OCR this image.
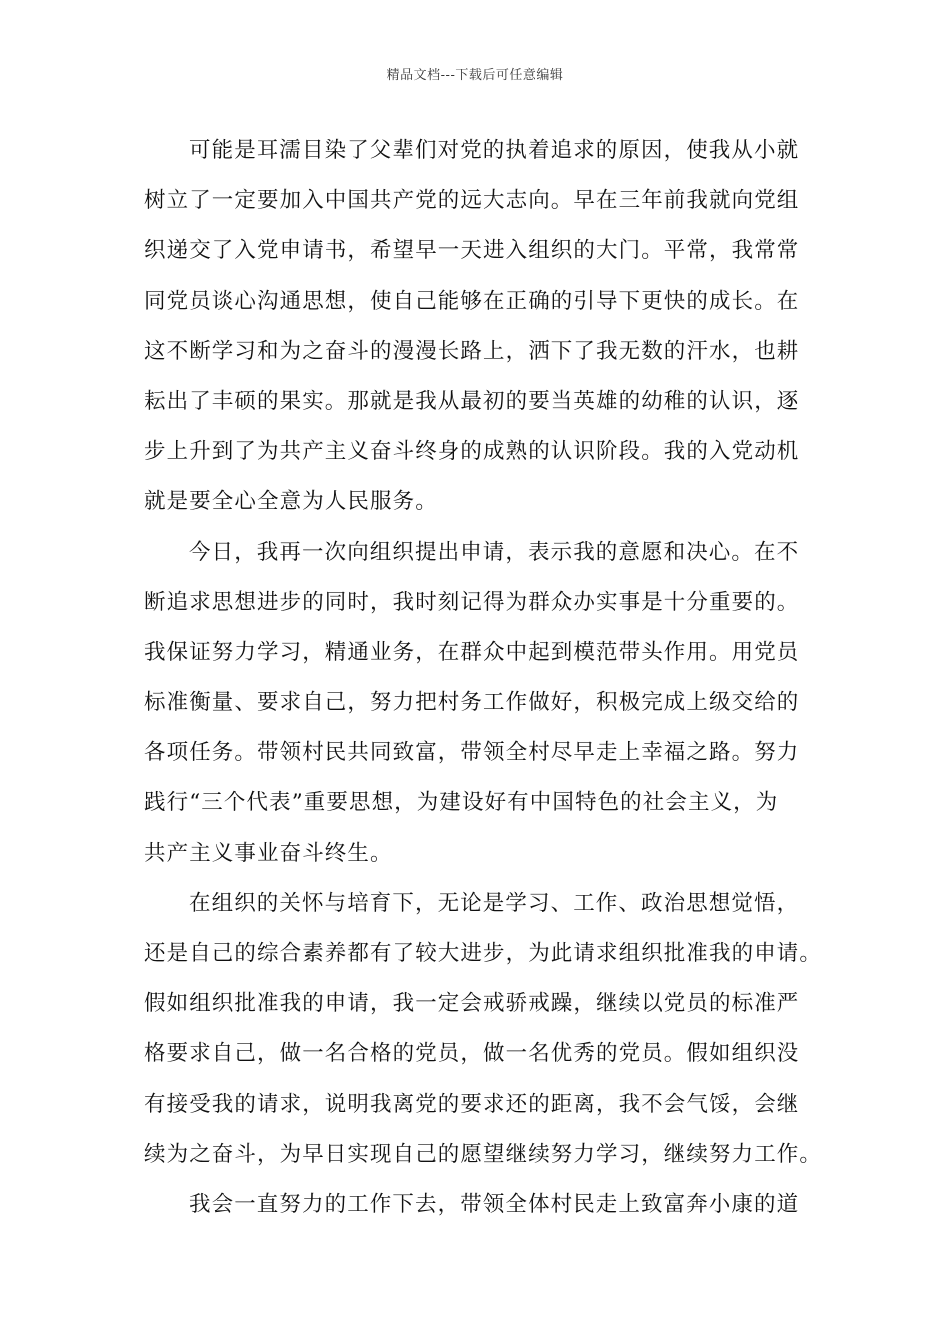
精品文档---下载后可任意编辑
可能是耳濡目染了父辈们对党的执着追求的原因，使我从小就
树立了一定要加入中国共产党的远大志向。早在三年前我就向党组
织递交了入党申请书，希望早一天进入组织的大门。平常，我常常
同党员谈心沟通思想，使自己能够在正确的引导下更快的成长。在
这不断学习和为之奋斗的漫漫长路上，洒下了我无数的汗水，也耕
耘出了丰硕的果实。那就是我从最初的要当英雄的幼稚的认识，逐
步上升到了为共产主义奋斗终身的成熟的认识阶段。我的入党动机
就是要全心全意为人民服务。
今日，我再一次向组织提出申请，表示我的意愿和决心。在不
断追求思想进步的同时，我时刻记得为群众办实事是十分重要的。
我保证努力学习，精通业务，在群众中起到模范带头作用。用党员
标准衡量、要求自己，努力把村务工作做好，积极完成上级交给的
各项任务。带领村民共同致富，带领全村尽早走上幸福之路。努力
践行“三个代表”重要思想，为建设好有中国特色的社会主义，为
共产主义事业奋斗终生。
在组织的关怀与培育下，无论是学习、工作、政治思想觉悟，
还是自己的综合素养都有了较大进步，为此请求组织批准我的申请。
假如组织批准我的申请，我一定会戒骄戒躁，继续以党员的标准严
格要求自己，做一名合格的党员，做一名优秀的党员。假如组织没
有接受我的请求，说明我离党的要求还的距离，我不会气馁，会继
续为之奋斗，为早日实现自己的愿望继续努力学习，继续努力工作。
我会一直努力的工作下去，带领全体村民走上致富奔小康的道
